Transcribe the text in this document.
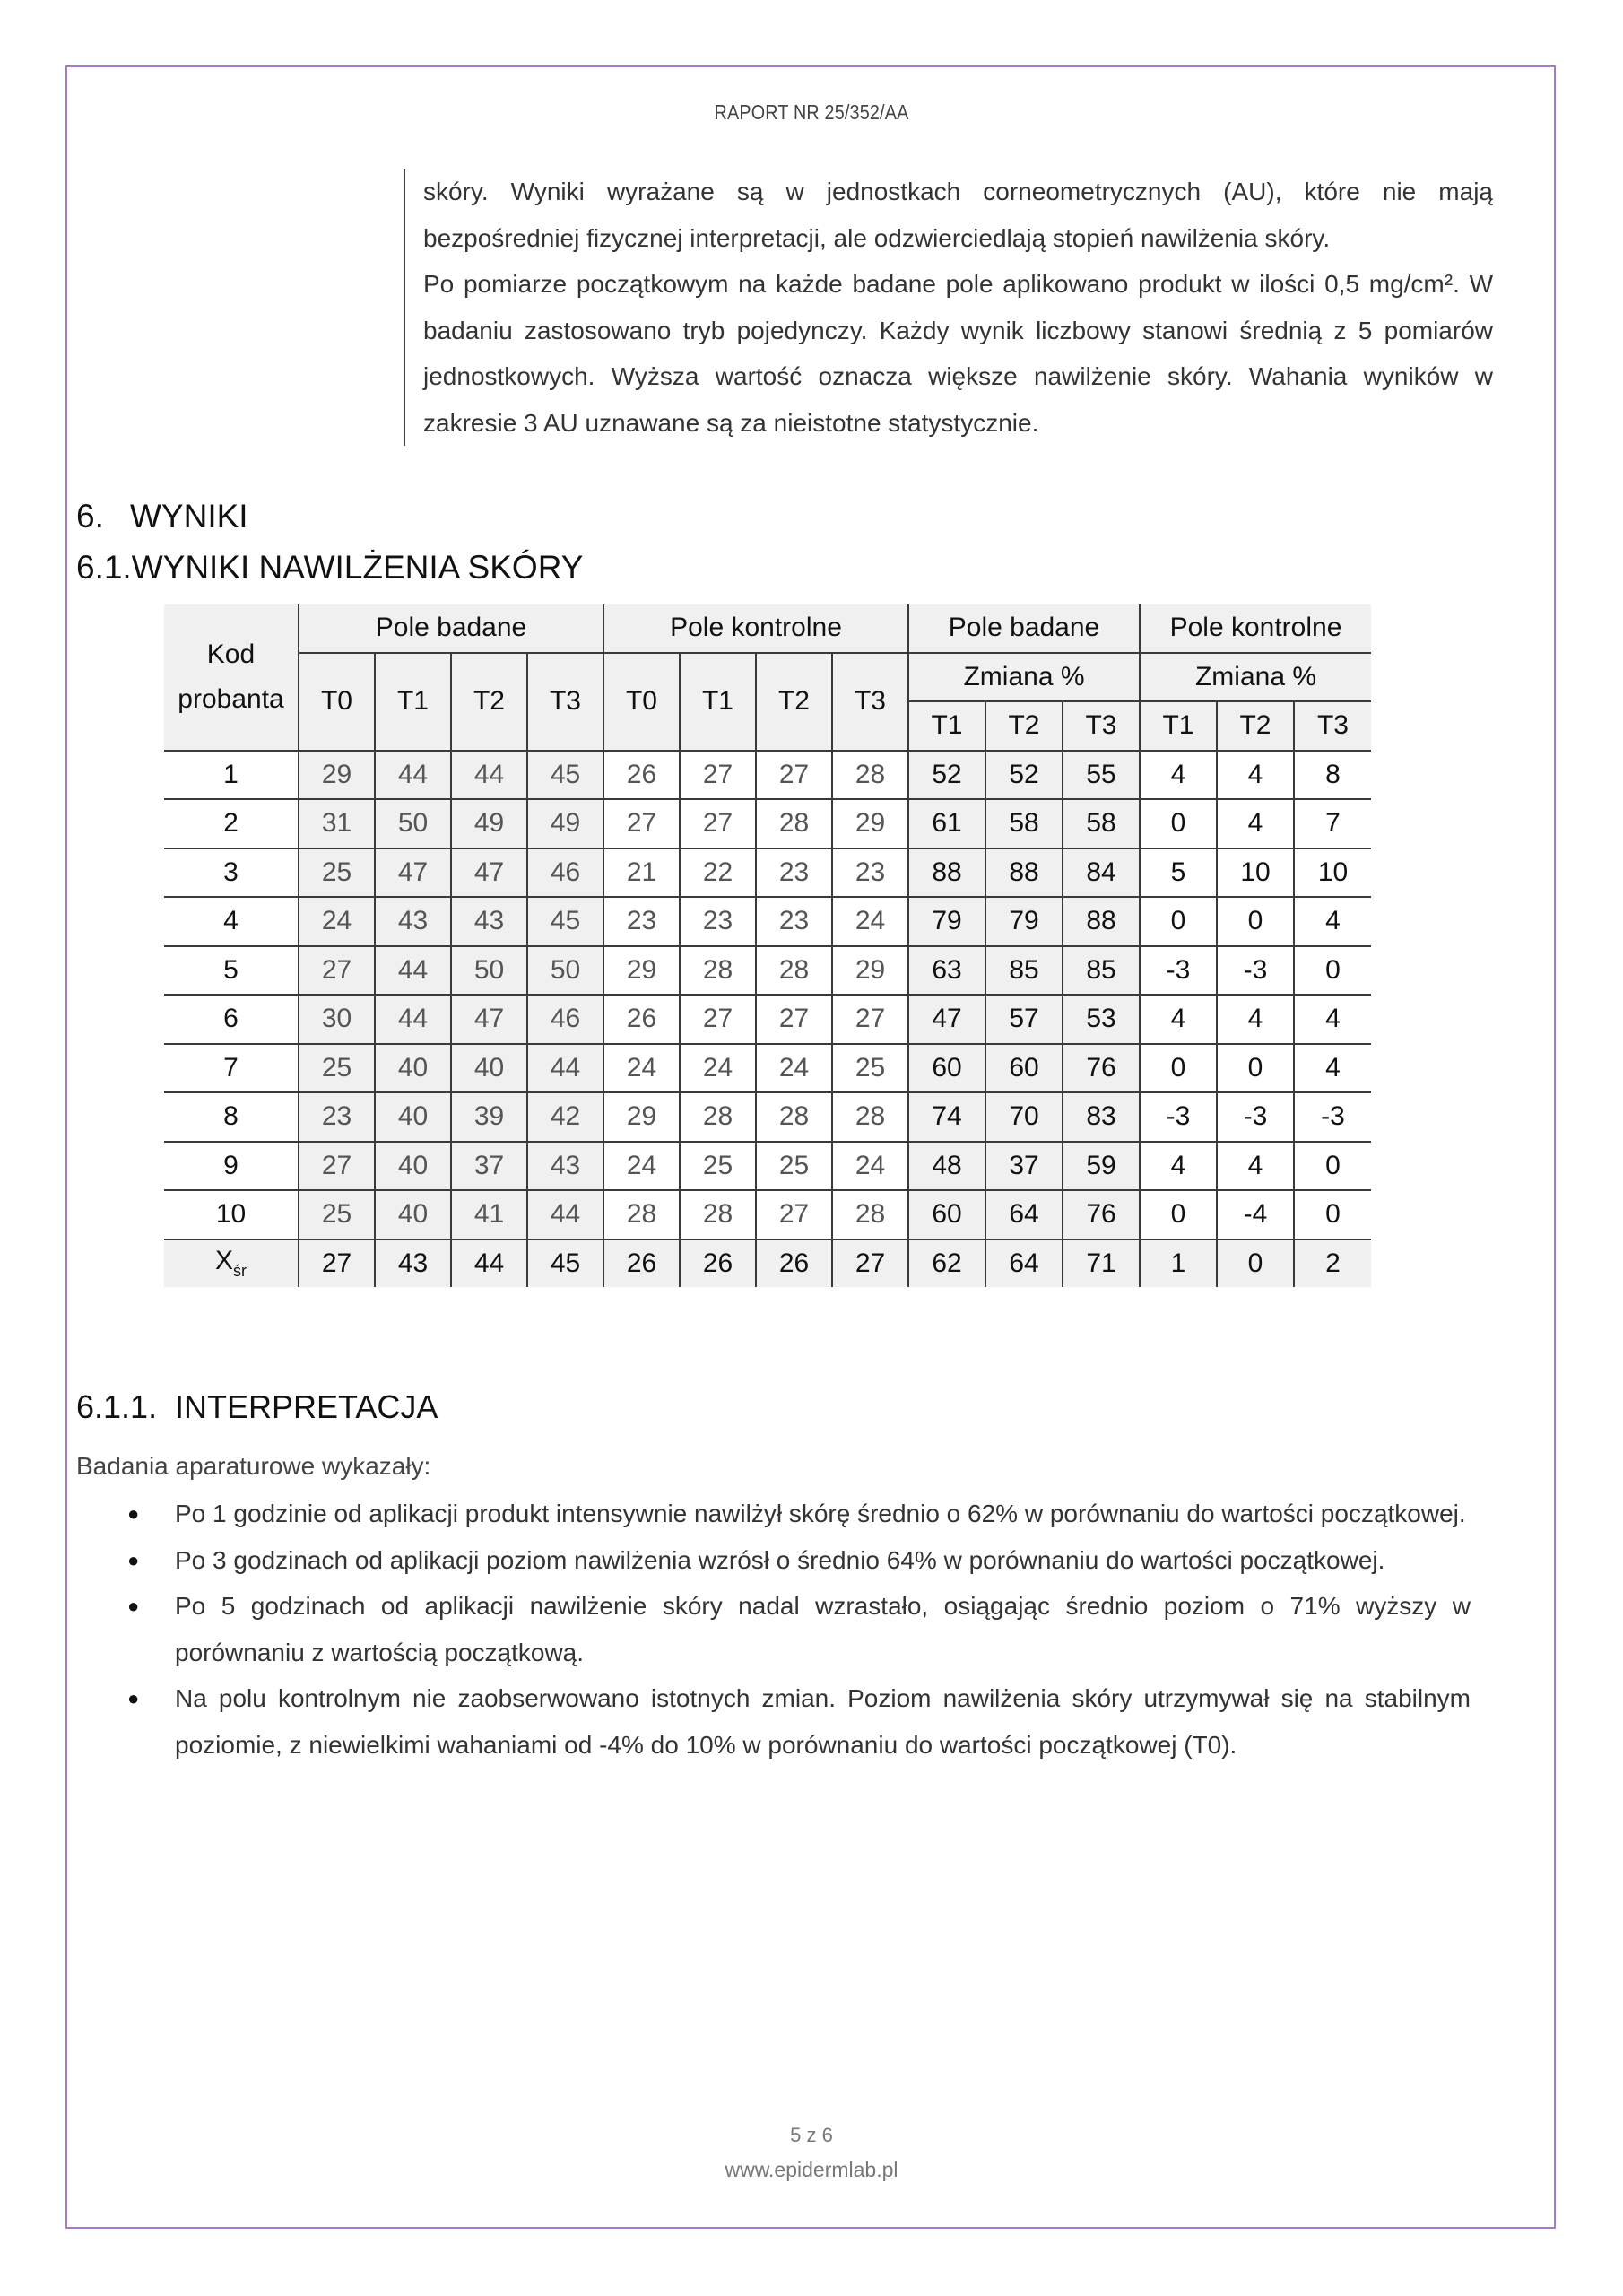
RAPORT NR 25/352/AA

skóry. Wyniki wyrażane są w jednostkach corneometrycznych (AU), które nie mają bezpośredniej fizycznej interpretacji, ale odzwierciedlają stopień nawilżenia skóry.

Po pomiarze początkowym na każde badane pole aplikowano produkt w ilości 0,5 mg/cm². W badaniu zastosowano tryb pojedynczy. Każdy wynik liczbowy stanowi średnią z 5 pomiarów jednostkowych. Wyższa wartość oznacza większe nawilżenie skóry. Wahania wyników w zakresie 3 AU uznawane są za nieistotne statystycznie.

6. WYNIKI
6.1.WYNIKI NAWILŻENIA SKÓRY
Kod
probanta	Pole badane				Pole kontrolne				Pole badane			Pole kontrolne		
	T0	T1	T2	T3	T0	T1	T2	T3	Zmiana %			Zmiana %		
									T1	T2	T3	T1	T2	T3
1	29	44	44	45	26	27	27	28	52	52	55	4	4	8
2	31	50	49	49	27	27	28	29	61	58	58	0	4	7
3	25	47	47	46	21	22	23	23	88	88	84	5	10	10
4	24	43	43	45	23	23	23	24	79	79	88	0	0	4
5	27	44	50	50	29	28	28	29	63	85	85	-3	-3	0
6	30	44	47	46	26	27	27	27	47	57	53	4	4	4
7	25	40	40	44	24	24	24	25	60	60	76	0	0	4
8	23	40	39	42	29	28	28	28	74	70	83	-3	-3	-3
9	27	40	37	43	24	25	25	24	48	37	59	4	4	0
10	25	40	41	44	28	28	27	28	60	64	76	0	-4	0
$X_{śr}$	27	43	44	45	26	26	26	27	62	64	71	1	0	2
6.1.1. INTERPRETACJA

Badania aparaturowe wykazały:

● Po 1 godzinie od aplikacji produkt intensywnie nawilżył skórę średnio o 62% w porównaniu do wartości początkowej.
● Po 3 godzinach od aplikacji poziom nawilżenia wzrósł o średnio 64% w porównaniu do wartości początkowej.
● Po 5 godzinach od aplikacji nawilżenie skóry nadal wzrastało, osiągając średnio poziom o 71% wyższy w porównaniu z wartością początkową.
● Na polu kontrolnym nie zaobserwowano istotnych zmian. Poziom nawilżenia skóry utrzymywał się na stabilnym poziomie, z niewielkimi wahaniami od -4% do 10% w porównaniu do wartości początkowej (T0).
5 z 6
www.epidermlab.pl
